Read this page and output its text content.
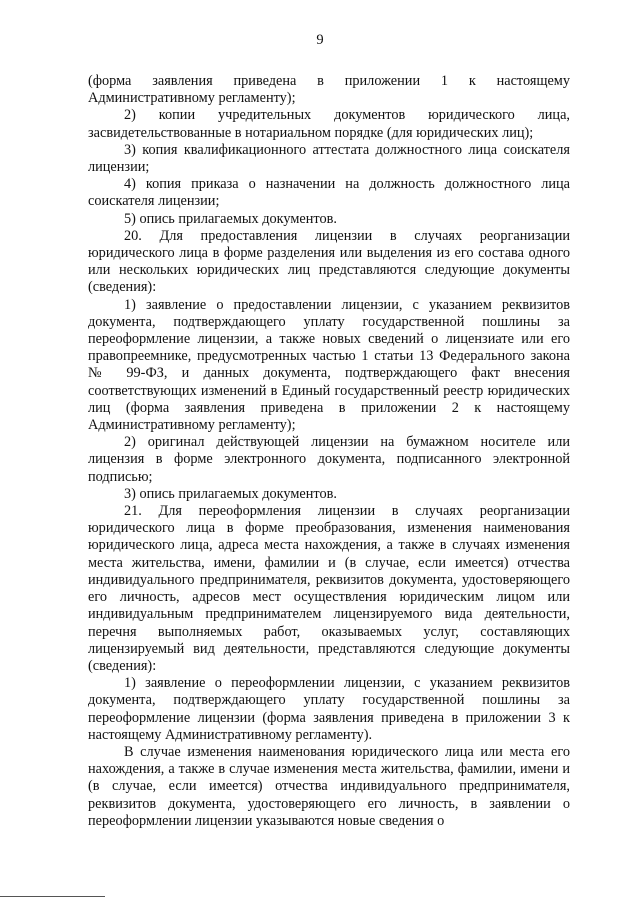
9

(форма заявления приведена в приложении 1 к настоящему Административному регламенту);

2) копии учредительных документов юридического лица, засвидетельствованные в нотариальном порядке (для юридических лиц);

3) копия квалификационного аттестата должностного лица соискателя лицензии;

4) копия приказа о назначении на должность должностного лица соискателя лицензии;

5) опись прилагаемых документов.

20. Для предоставления лицензии в случаях реорганизации юридического лица в форме разделения или выделения из его состава одного или нескольких юридических лиц представляются следующие документы (сведения):

1) заявление о предоставлении лицензии, с указанием реквизитов документа, подтверждающего уплату государственной пошлины за переоформление лицензии, а также новых сведений о лицензиате или его правопреемнике, предусмотренных частью 1 статьи 13 Федерального закона № 99-ФЗ, и данных документа, подтверждающего факт внесения соответствующих изменений в Единый государственный реестр юридических лиц (форма заявления приведена в приложении 2 к настоящему Административному регламенту);

2) оригинал действующей лицензии на бумажном носителе или лицензия в форме электронного документа, подписанного электронной подписью;

3) опись прилагаемых документов.

21. Для переоформления лицензии в случаях реорганизации юридического лица в форме преобразования, изменения наименования юридического лица, адреса места нахождения, а также в случаях изменения места жительства, имени, фамилии и (в случае, если имеется) отчества индивидуального предпринимателя, реквизитов документа, удостоверяющего его личность, адресов мест осуществления юридическим лицом или индивидуальным предпринимателем лицензируемого вида деятельности, перечня выполняемых работ, оказываемых услуг, составляющих лицензируемый вид деятельности, представляются следующие документы (сведения):

1) заявление о переоформлении лицензии, с указанием реквизитов документа, подтверждающего уплату государственной пошлины за переоформление лицензии (форма заявления приведена в приложении 3 к настоящему Административному регламенту).

В случае изменения наименования юридического лица или места его нахождения, а также в случае изменения места жительства, фамилии, имени и (в случае, если имеется) отчества индивидуального предпринимателя, реквизитов документа, удостоверяющего его личность, в заявлении о переоформлении лицензии указываются новые сведения о
